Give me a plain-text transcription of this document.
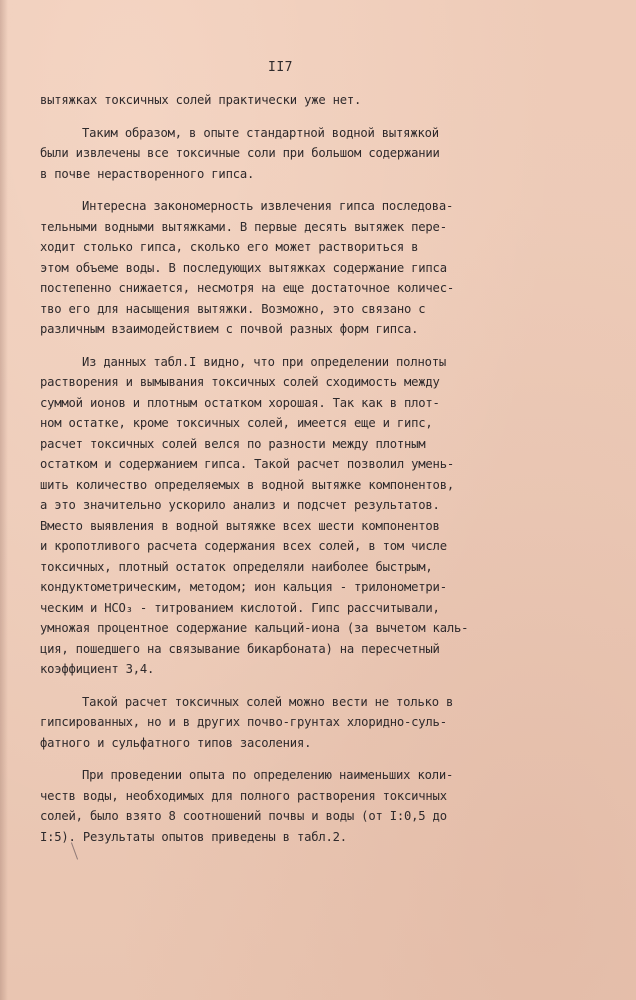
II7
вытяжках токсичных солей практически уже нет.
Таким образом, в опыте стандартной водной вытяжкой
были извлечены все токсичные соли при большом содержании
в почве нерастворенного гипса.
Интересна закономерность извлечения гипса последова-
тельными водными вытяжками. В первые десять вытяжек пере-
ходит столько гипса, сколько его может раствориться в
этом объеме воды. В последующих вытяжках содержание гипса
постепенно снижается, несмотря на еще достаточное количес-
тво его для насыщения вытяжки. Возможно, это связано с
различным взаимодействием с почвой разных форм гипса.
Из данных табл.I видно, что при определении полноты
растворения и вымывания токсичных солей сходимость между
суммой ионов и плотным остатком хорошая. Так как в плот-
ном остатке, кроме токсичных солей, имеется еще и гипс,
расчет токсичных солей велся по разности между плотным
остатком и содержанием гипса. Такой расчет позволил умень-
шить количество определяемых в водной вытяжке компонентов,
а это значительно ускорило анализ и подсчет результатов.
Вместо выявления в водной вытяжке всех шести компонентов
и кропотливого расчета содержания всех солей, в том числе
токсичных, плотный остаток определяли наиболее быстрым,
кондуктометрическим, методом; ион кальция - трилонометри-
ческим и НСО₃ - титрованием кислотой. Гипс рассчитывали,
умножая процентное содержание кальций-иона (за вычетом каль-
ция, пошедшего на связывание бикарбоната) на пересчетный
коэффициент 3,4.
Такой расчет токсичных солей можно вести не только в
гипсированных, но и в других почво-грунтах хлоридно-суль-
фатного и сульфатного типов засоления.
При проведении опыта по определению наименьших коли-
честв воды, необходимых для полного растворения токсичных
солей, было взято 8 соотношений почвы и воды (от I:0,5 до
I:5). Результаты опытов приведены в табл.2.
